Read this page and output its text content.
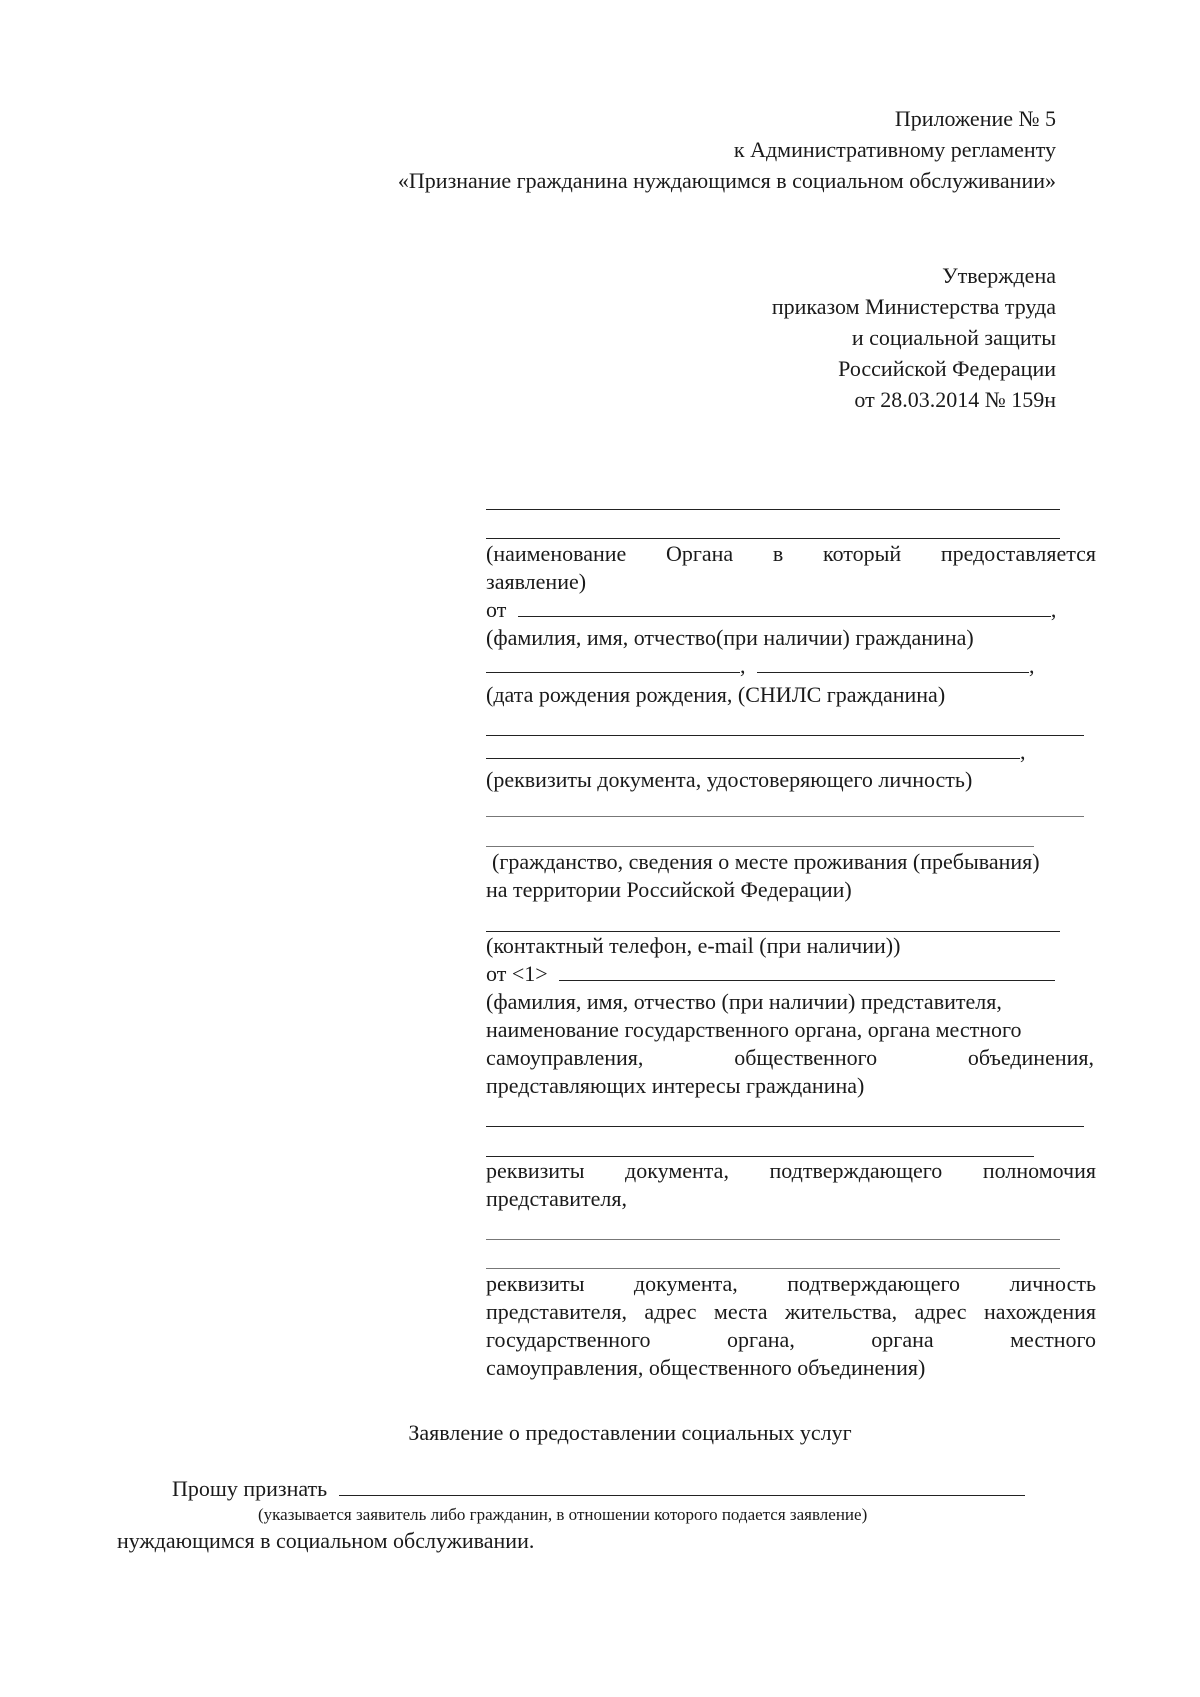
Приложение № 5
к Административному регламенту
«Признание гражданина нуждающимся в социальном обслуживании»
Утверждена
приказом Министерства труда
и социальной защиты
Российской Федерации
от 28.03.2014 № 159н
(наименование Органа в который предоставляется
заявление)
от	,
(фамилия, имя, отчество(при наличии) гражданина)
,	,
(дата рождения рождения, (СНИЛС гражданина)
,
(реквизиты документа, удостоверяющего личность)
(гражданство, сведения о месте проживания (пребывания)
на территории Российской Федерации)
(контактный телефон, e-mail (при наличии))
от <1>
(фамилия, имя, отчество (при наличии) представителя,
наименование государственного органа, органа местного
самоуправления, общественного объединения,
представляющих интересы гражданина)
реквизиты документа, подтверждающего полномочия
представителя,
реквизиты документа, подтверждающего личность
представителя, адрес места жительства, адрес нахождения
государственного органа, органа местного
самоуправления, общественного объединения)
Заявление о предоставлении социальных услуг
Прошу признать
(указывается заявитель либо гражданин, в отношении которого подается заявление)
нуждающимся в социальном обслуживании.
